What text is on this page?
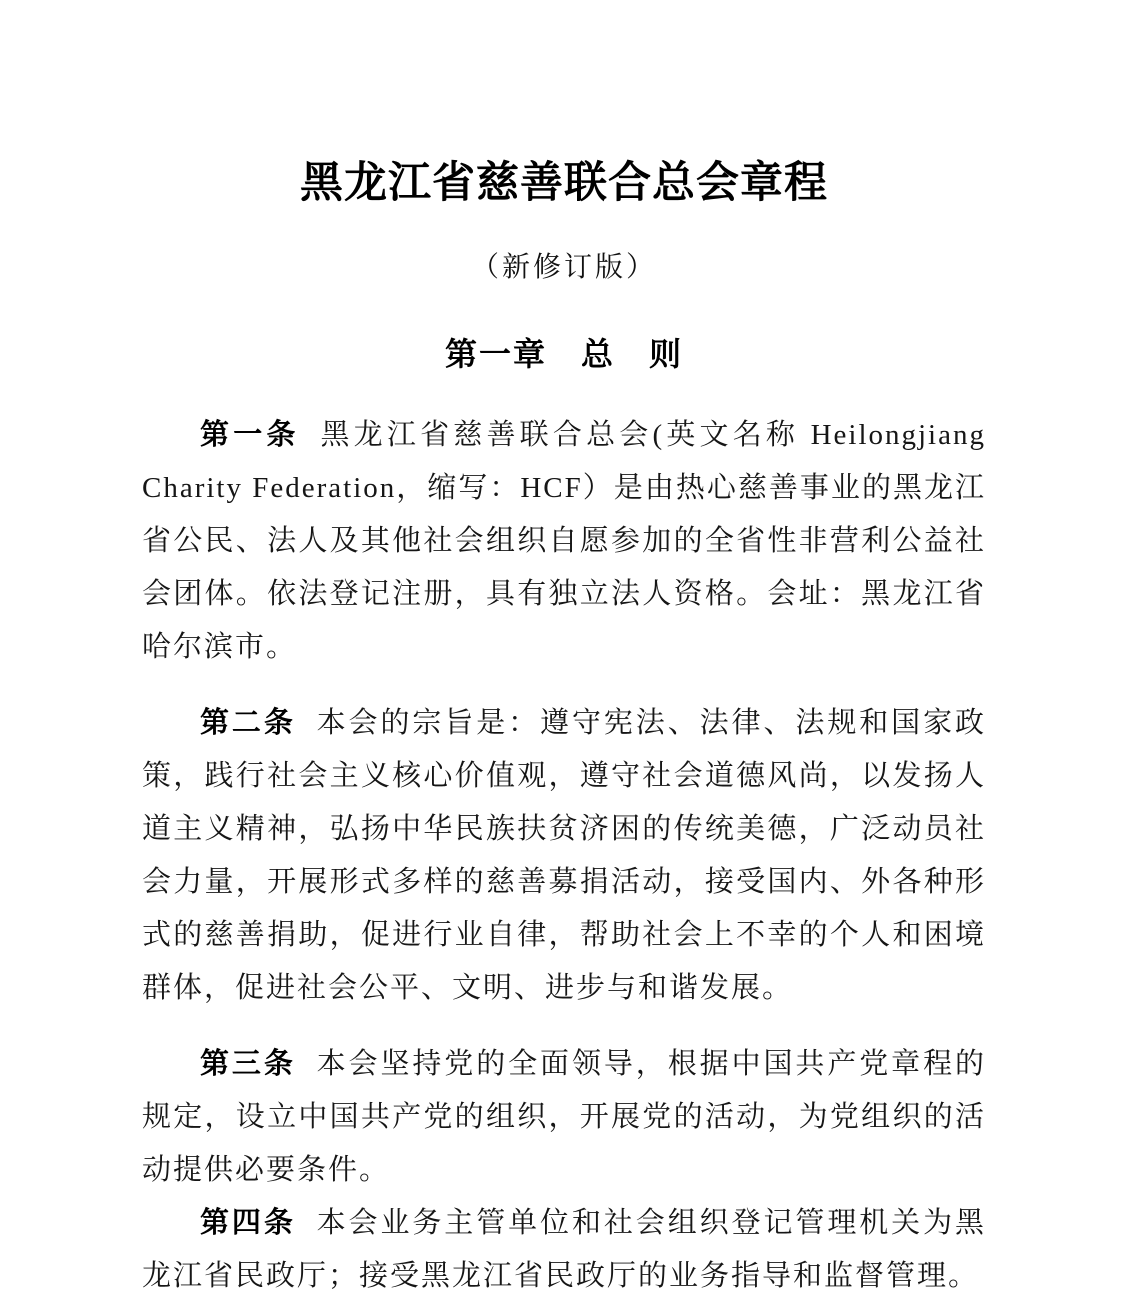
黑龙江省慈善联合总会章程
（新修订版）
第一章　总　则

第一条 黑龙江省慈善联合总会(英文名称 Heilongjiang Charity Federation，缩写：HCF）是由热心慈善事业的黑龙江省公民、法人及其他社会组织自愿参加的全省性非营利公益社会团体。依法登记注册，具有独立法人资格。会址：黑龙江省哈尔滨市。

第二条 本会的宗旨是：遵守宪法、法律、法规和国家政策，践行社会主义核心价值观，遵守社会道德风尚，以发扬人道主义精神，弘扬中华民族扶贫济困的传统美德，广泛动员社会力量，开展形式多样的慈善募捐活动，接受国内、外各种形式的慈善捐助，促进行业自律，帮助社会上不幸的个人和困境群体，促进社会公平、文明、进步与和谐发展。

第三条 本会坚持党的全面领导，根据中国共产党章程的规定，设立中国共产党的组织，开展党的活动，为党组织的活动提供必要条件。

第四条 本会业务主管单位和社会组织登记管理机关为黑龙江省民政厅；接受黑龙江省民政厅的业务指导和监督管理。
